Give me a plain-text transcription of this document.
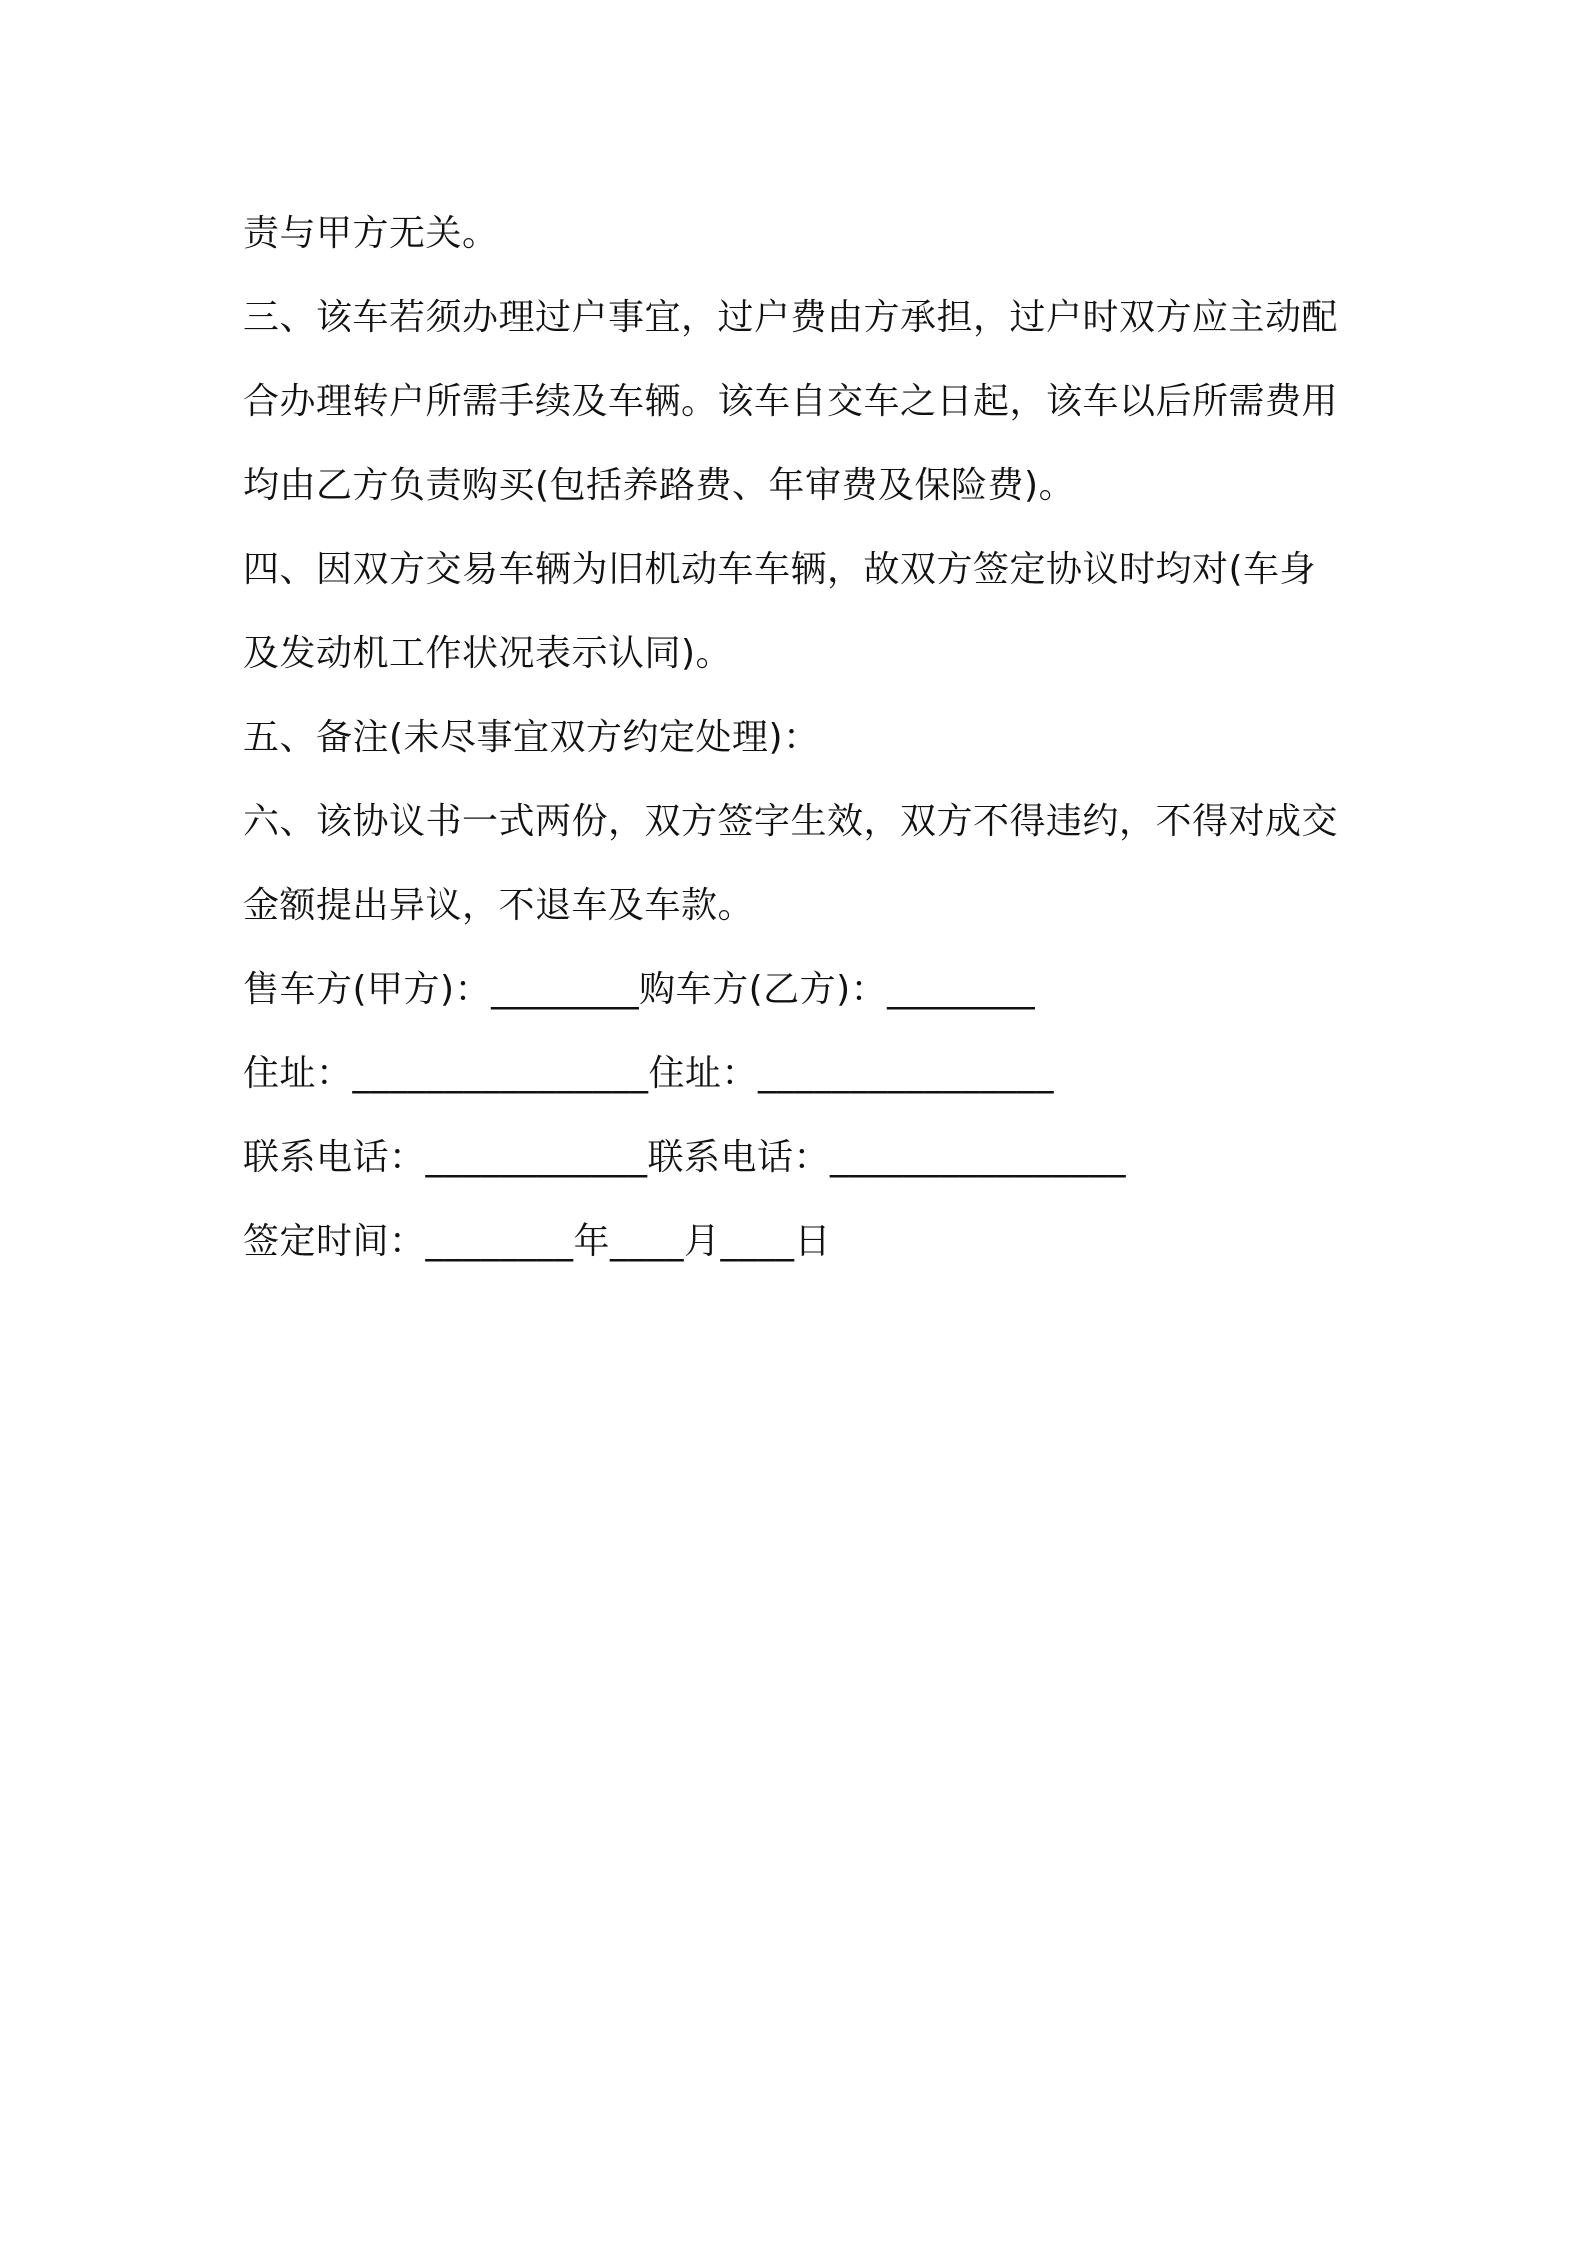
责与甲方无关。
三、该车若须办理过户事宜，过户费由方承担，过户时双方应主动配
合办理转户所需手续及车辆。该车自交车之日起，该车以后所需费用
均由乙方负责购买(包括养路费、年审费及保险费)。
四、因双方交易车辆为旧机动车车辆，故双方签定协议时均对(车身
及发动机工作状况表示认同)。
五、备注(未尽事宜双方约定处理)：
六、该协议书一式两份，双方签字生效，双方不得违约，不得对成交
金额提出异议，不退车及车款。
售车方(甲方)：________购车方(乙方)：________
住址：________________住址：________________
联系电话：____________联系电话：________________
签定时间：________年____月____日
